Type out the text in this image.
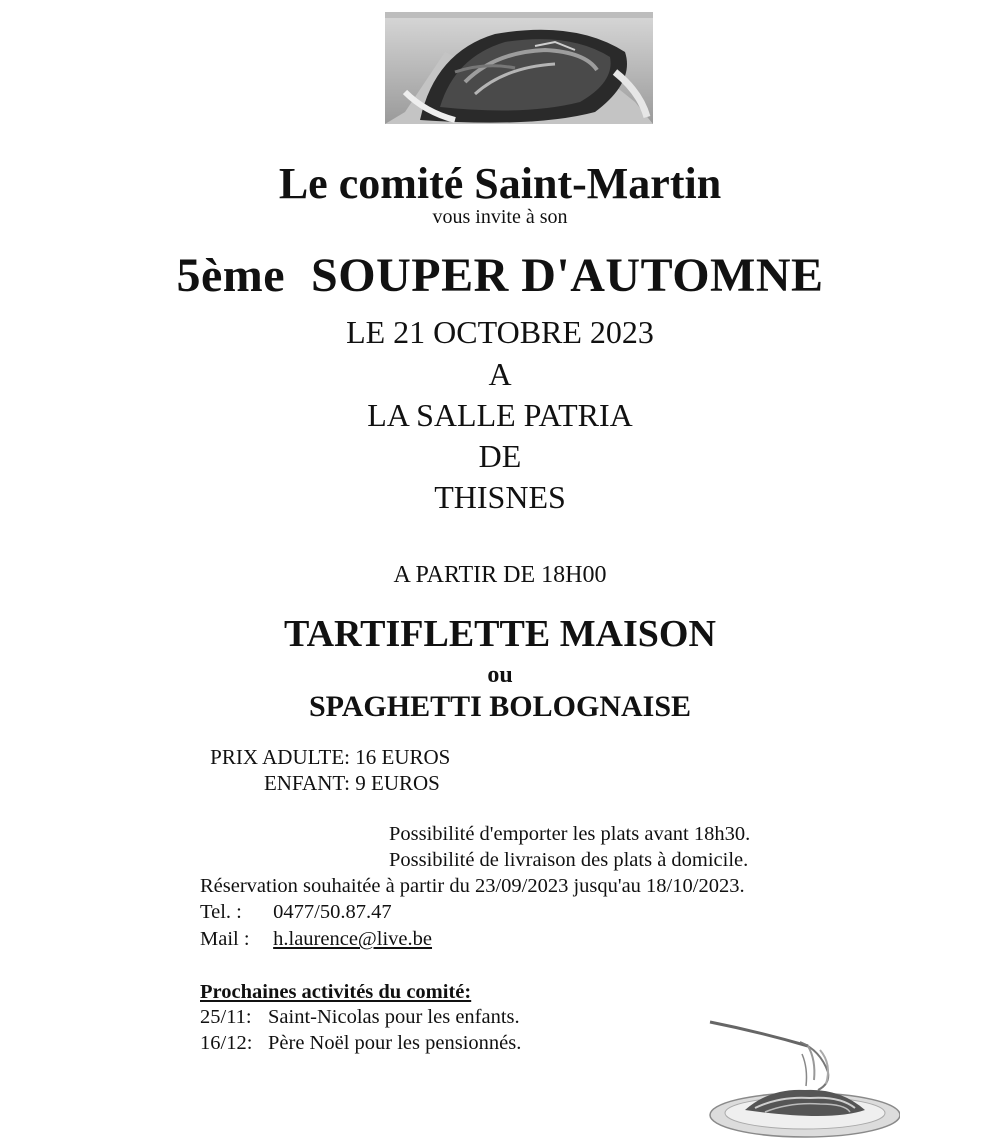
Le comité Saint-Martin
vous invite à son
5ème SOUPER D'AUTOMNE
LE 21 OCTOBRE 2023
A
LA SALLE PATRIA
DE
THISNES
A PARTIR DE 18H00
TARTIFLETTE MAISON
ou
SPAGHETTI BOLOGNAISE
PRIX ADULTE: 16 EUROS
ENFANT: 9 EUROS
Possibilité d'emporter les plats avant 18h30.
Possibilité de livraison des plats à domicile.
Réservation souhaitée à partir du 23/09/2023 jusqu'au 18/10/2023.
Tel. : 0477/50.87.47
Mail : h.laurence@live.be
Prochaines activités du comité:
25/11: Saint-Nicolas pour les enfants.
16/12: Père Noël pour les pensionnés.
